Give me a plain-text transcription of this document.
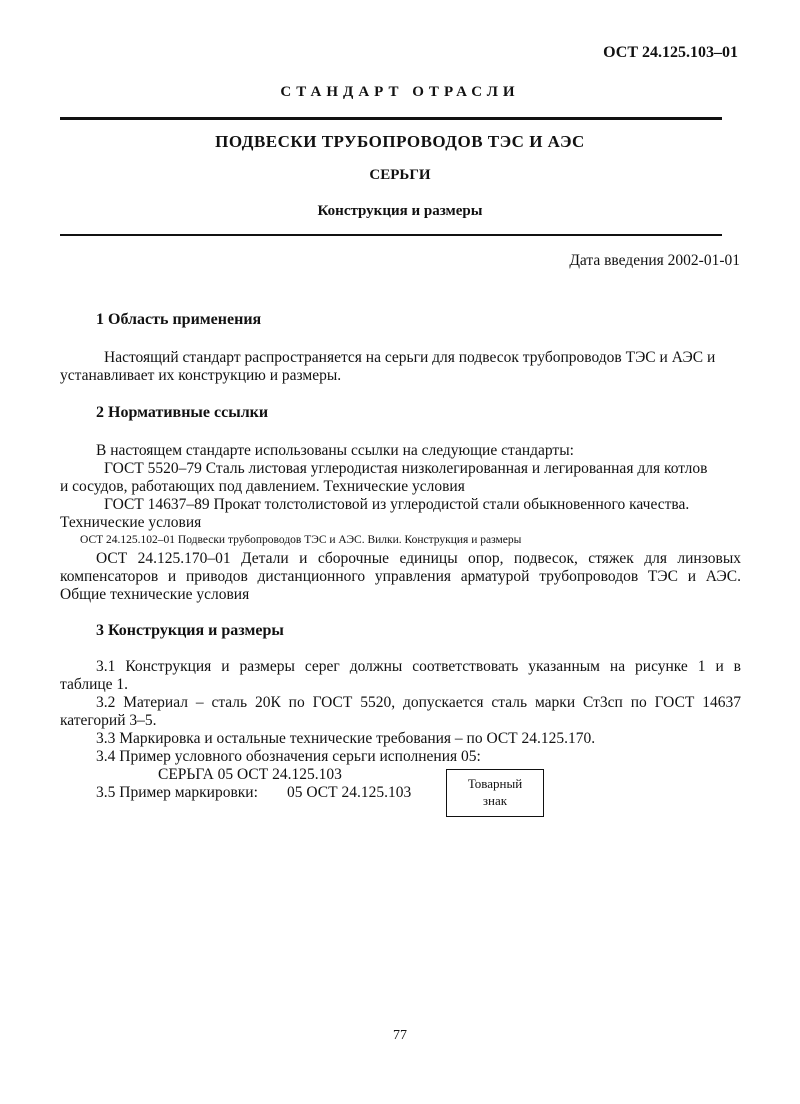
ОСТ 24.125.103–01
СТАНДАРТ ОТРАСЛИ
ПОДВЕСКИ ТРУБОПРОВОДОВ ТЭС И АЭС
СЕРЬГИ
Конструкция и размеры
Дата введения 2002-01-01
1 Область применения
Настоящий стандарт распространяется на серьги для подвесок трубопроводов ТЭС и АЭС и
устанавливает их конструкцию и размеры.
2 Нормативные ссылки
В настоящем стандарте использованы ссылки на следующие стандарты:
ГОСТ 5520–79 Сталь листовая углеродистая низколегированная и легированная для котлов
и сосудов, работающих под давлением. Технические условия
ГОСТ 14637–89 Прокат толстолистовой из углеродистой стали обыкновенного качества.
Технические условия
ОСТ 24.125.102–01 Подвески трубопроводов ТЭС и АЭС. Вилки. Конструкция и размеры
ОСТ 24.125.170–01 Детали и сборочные единицы опор, подвесок, стяжек для линзовых
компенсаторов и приводов дистанционного управления арматурой трубопроводов ТЭС и АЭС.
Общие технические условия
3 Конструкция и размеры
3.1 Конструкция и размеры серег должны соответствовать указанным на рисунке 1 и в
таблице 1.
3.2 Материал – сталь 20К по ГОСТ 5520, допускается сталь марки Ст3сп по ГОСТ 14637
категорий 3–5.
3.3 Маркировка и остальные технические требования – по ОСТ 24.125.170.
3.4 Пример условного обозначения серьги исполнения 05:
СЕРЬГА 05 ОСТ 24.125.103
3.5 Пример маркировки: 05 ОСТ 24.125.103
Товарный
знак
77
